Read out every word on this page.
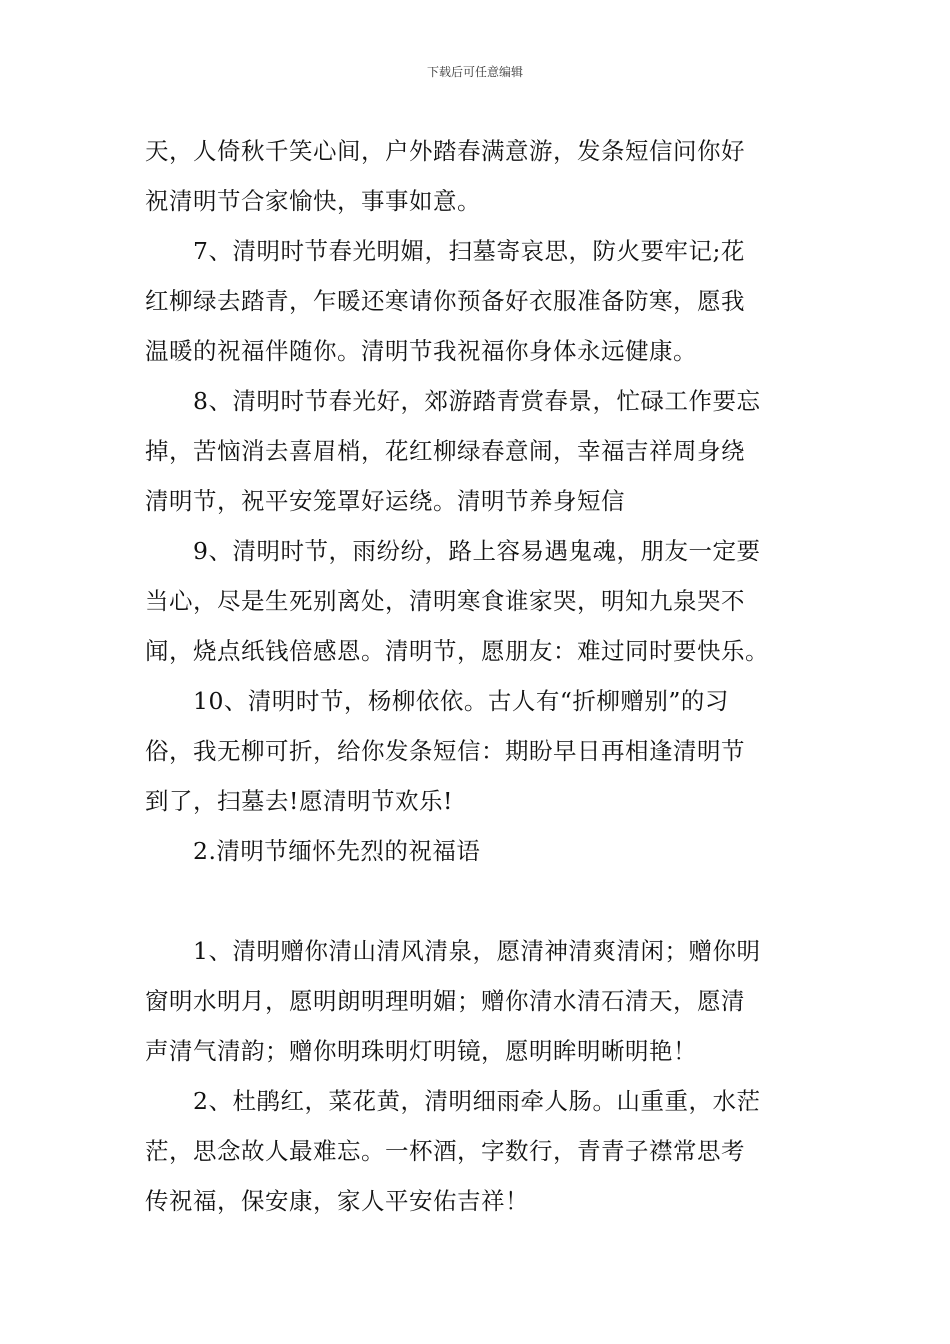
下载后可任意编辑
天，人倚秋千笑心间，户外踏春满意游，发条短信问你好
祝清明节合家愉快，事事如意。
7、清明时节春光明媚，扫墓寄哀思，防火要牢记;花
红柳绿去踏青，乍暖还寒请你预备好衣服准备防寒，愿我
温暖的祝福伴随你。清明节我祝福你身体永远健康。
8、清明时节春光好，郊游踏青赏春景，忙碌工作要忘
掉，苦恼消去喜眉梢，花红柳绿春意闹，幸福吉祥周身绕
清明节，祝平安笼罩好运绕。清明节养身短信
9、清明时节，雨纷纷，路上容易遇鬼魂，朋友一定要
当心，尽是生死别离处，清明寒食谁家哭，明知九泉哭不
闻，烧点纸钱倍感恩。清明节，愿朋友：难过同时要快乐。
10、清明时节，杨柳依依。古人有“折柳赠别”的习
俗，我无柳可折，给你发条短信：期盼早日再相逢清明节
到了，扫墓去!愿清明节欢乐!
2.清明节缅怀先烈的祝福语
1、清明赠你清山清风清泉，愿清神清爽清闲；赠你明
窗明水明月，愿明朗明理明媚；赠你清水清石清天，愿清
声清气清韵；赠你明珠明灯明镜，愿明眸明晰明艳！
2、杜鹃红，菜花黄，清明细雨牵人肠。山重重，水茫
茫，思念故人最难忘。一杯酒，字数行，青青子襟常思考
传祝福，保安康，家人平安佑吉祥！
